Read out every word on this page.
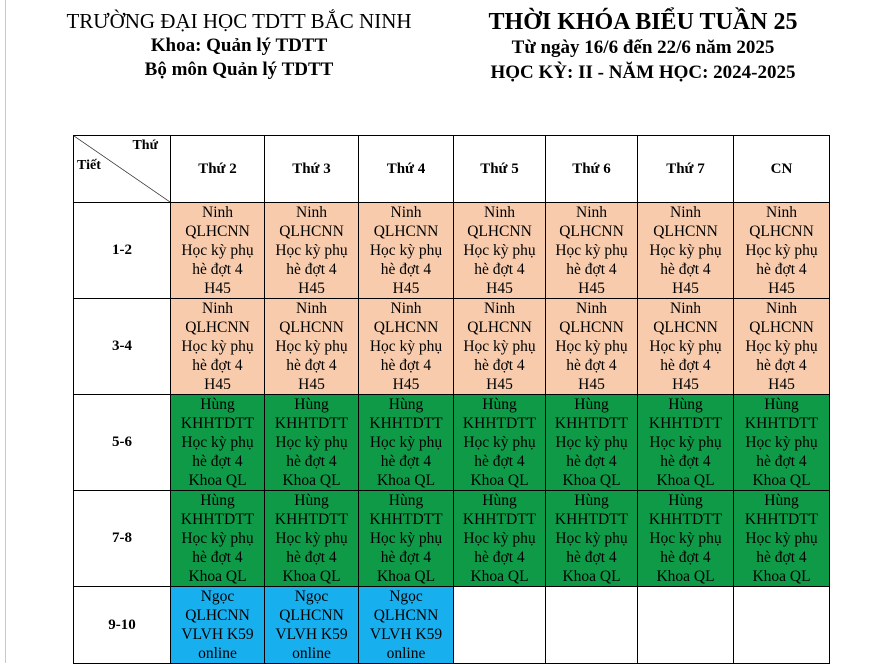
TRƯỜNG ĐẠI HỌC TDTT BẮC NINH
Khoa: Quản lý TDTT
Bộ môn Quản lý TDTT
THỜI KHÓA BIỂU TUẦN 25
Từ ngày 16/6 đến 22/6 năm 2025
HỌC KỲ: II - NĂM HỌC: 2024-2025
Thứ
Tiết	Thứ 2	Thứ 3	Thứ 4	Thứ 5	Thứ 6	Thứ 7	CN
1-2	Ninh
QLHCNN
Học kỳ phụ
hè đợt 4
H45	Ninh
QLHCNN
Học kỳ phụ
hè đợt 4
H45	Ninh
QLHCNN
Học kỳ phụ
hè đợt 4
H45	Ninh
QLHCNN
Học kỳ phụ
hè đợt 4
H45	Ninh
QLHCNN
Học kỳ phụ
hè đợt 4
H45	Ninh
QLHCNN
Học kỳ phụ
hè đợt 4
H45	Ninh
QLHCNN
Học kỳ phụ
hè đợt 4
H45

3-4	Ninh
QLHCNN
Học kỳ phụ
hè đợt 4
H45	Ninh
QLHCNN
Học kỳ phụ
hè đợt 4
H45	Ninh
QLHCNN
Học kỳ phụ
hè đợt 4
H45	Ninh
QLHCNN
Học kỳ phụ
hè đợt 4
H45	Ninh
QLHCNN
Học kỳ phụ
hè đợt 4
H45	Ninh
QLHCNN
Học kỳ phụ
hè đợt 4
H45	Ninh
QLHCNN
Học kỳ phụ
hè đợt 4
H45

5-6	Hùng
KHHTDTT
Học kỳ phụ
hè đợt 4
Khoa QL	Hùng
KHHTDTT
Học kỳ phụ
hè đợt 4
Khoa QL	Hùng
KHHTDTT
Học kỳ phụ
hè đợt 4
Khoa QL	Hùng
KHHTDTT
Học kỳ phụ
hè đợt 4
Khoa QL	Hùng
KHHTDTT
Học kỳ phụ
hè đợt 4
Khoa QL	Hùng
KHHTDTT
Học kỳ phụ
hè đợt 4
Khoa QL	Hùng
KHHTDTT
Học kỳ phụ
hè đợt 4
Khoa QL

7-8	Hùng
KHHTDTT
Học kỳ phụ
hè đợt 4
Khoa QL	Hùng
KHHTDTT
Học kỳ phụ
hè đợt 4
Khoa QL	Hùng
KHHTDTT
Học kỳ phụ
hè đợt 4
Khoa QL	Hùng
KHHTDTT
Học kỳ phụ
hè đợt 4
Khoa QL	Hùng
KHHTDTT
Học kỳ phụ
hè đợt 4
Khoa QL	Hùng
KHHTDTT
Học kỳ phụ
hè đợt 4
Khoa QL	Hùng
KHHTDTT
Học kỳ phụ
hè đợt 4
Khoa QL

9-10	Ngọc
QLHCNN
VLVH K59
online	Ngọc
QLHCNN
VLVH K59
online	Ngọc
QLHCNN
VLVH K59
online				
